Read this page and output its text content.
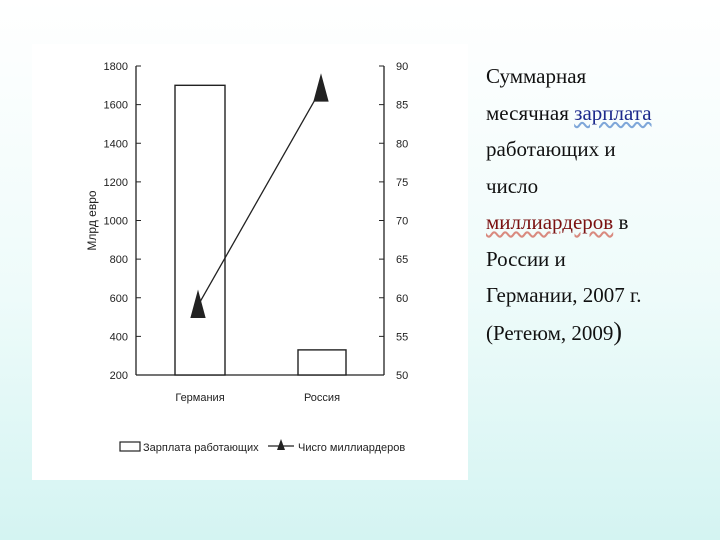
1800
1600
1400
1200
1000
800
600
400
200
90
85
80
75
70
65
60
55
50
Млрд евро
Германия	Россия
Зарплата работающих	Чисго миллиардеров
Суммарная
месячная зарплата
работающих и
число
миллиардеров в
России и
Германии, 2007 г.
(Ретеюм, 2009)
